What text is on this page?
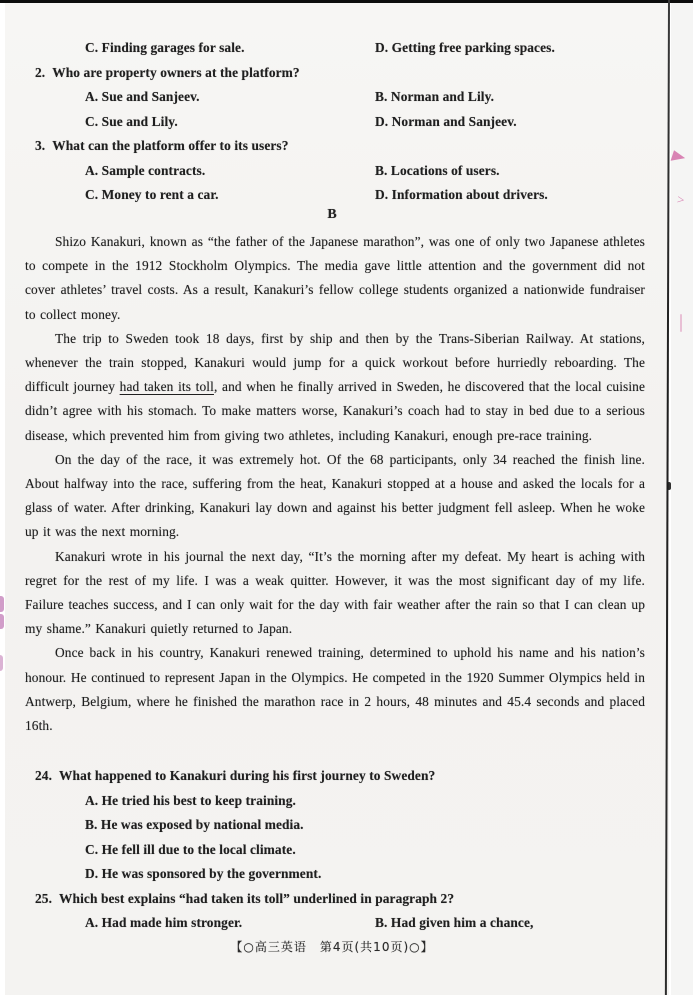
C. Finding garages for sale.	D. Getting free parking spaces.
2. Who are property owners at the platform?
A. Sue and Sanjeev.	B. Norman and Lily.
C. Sue and Lily.	D. Norman and Sanjeev.
3. What can the platform offer to its users?
A. Sample contracts.	B. Locations of users.
C. Money to rent a car.	D. Information about drivers.
B

Shizo Kanakuri, known as “the father of the Japanese marathon”, was one of only two Japanese athletes to compete in the 1912 Stockholm Olympics. The media gave little attention and the government did not cover athletes’ travel costs. As a result, Kanakuri’s fellow college students organized a nationwide fundraiser to collect money.

The trip to Sweden took 18 days, first by ship and then by the Trans-Siberian Railway. At stations, whenever the train stopped, Kanakuri would jump for a quick workout before hurriedly reboarding. The difficult journey had taken its toll, and when he finally arrived in Sweden, he discovered that the local cuisine didn’t agree with his stomach. To make matters worse, Kanakuri’s coach had to stay in bed due to a serious disease, which prevented him from giving two athletes, including Kanakuri, enough pre-race training.

On the day of the race, it was extremely hot. Of the 68 participants, only 34 reached the finish line. About halfway into the race, suffering from the heat, Kanakuri stopped at a house and asked the locals for a glass of water. After drinking, Kanakuri lay down and against his better judgment fell asleep. When he woke up it was the next morning.

Kanakuri wrote in his journal the next day, “It’s the morning after my defeat. My heart is aching with regret for the rest of my life. I was a weak quitter. However, it was the most significant day of my life. Failure teaches success, and I can only wait for the day with fair weather after the rain so that I can clean up my shame.” Kanakuri quietly returned to Japan.

Once back in his country, Kanakuri renewed training, determined to uphold his name and his nation’s honour. He continued to represent Japan in the Olympics. He competed in the 1920 Summer Olympics held in Antwerp, Belgium, where he finished the marathon race in 2 hours, 48 minutes and 45.4 seconds and placed 16th.

24. What happened to Kanakuri during his first journey to Sweden?
A. He tried his best to keep training.
B. He was exposed by national media.
C. He fell ill due to the local climate.
D. He was sponsored by the government.
25. Which best explains “had taken its toll” underlined in paragraph 2?
A. Had made him stronger.	B. Had given him a chance,
【○高三英语　第4页(共10页)○】
>
